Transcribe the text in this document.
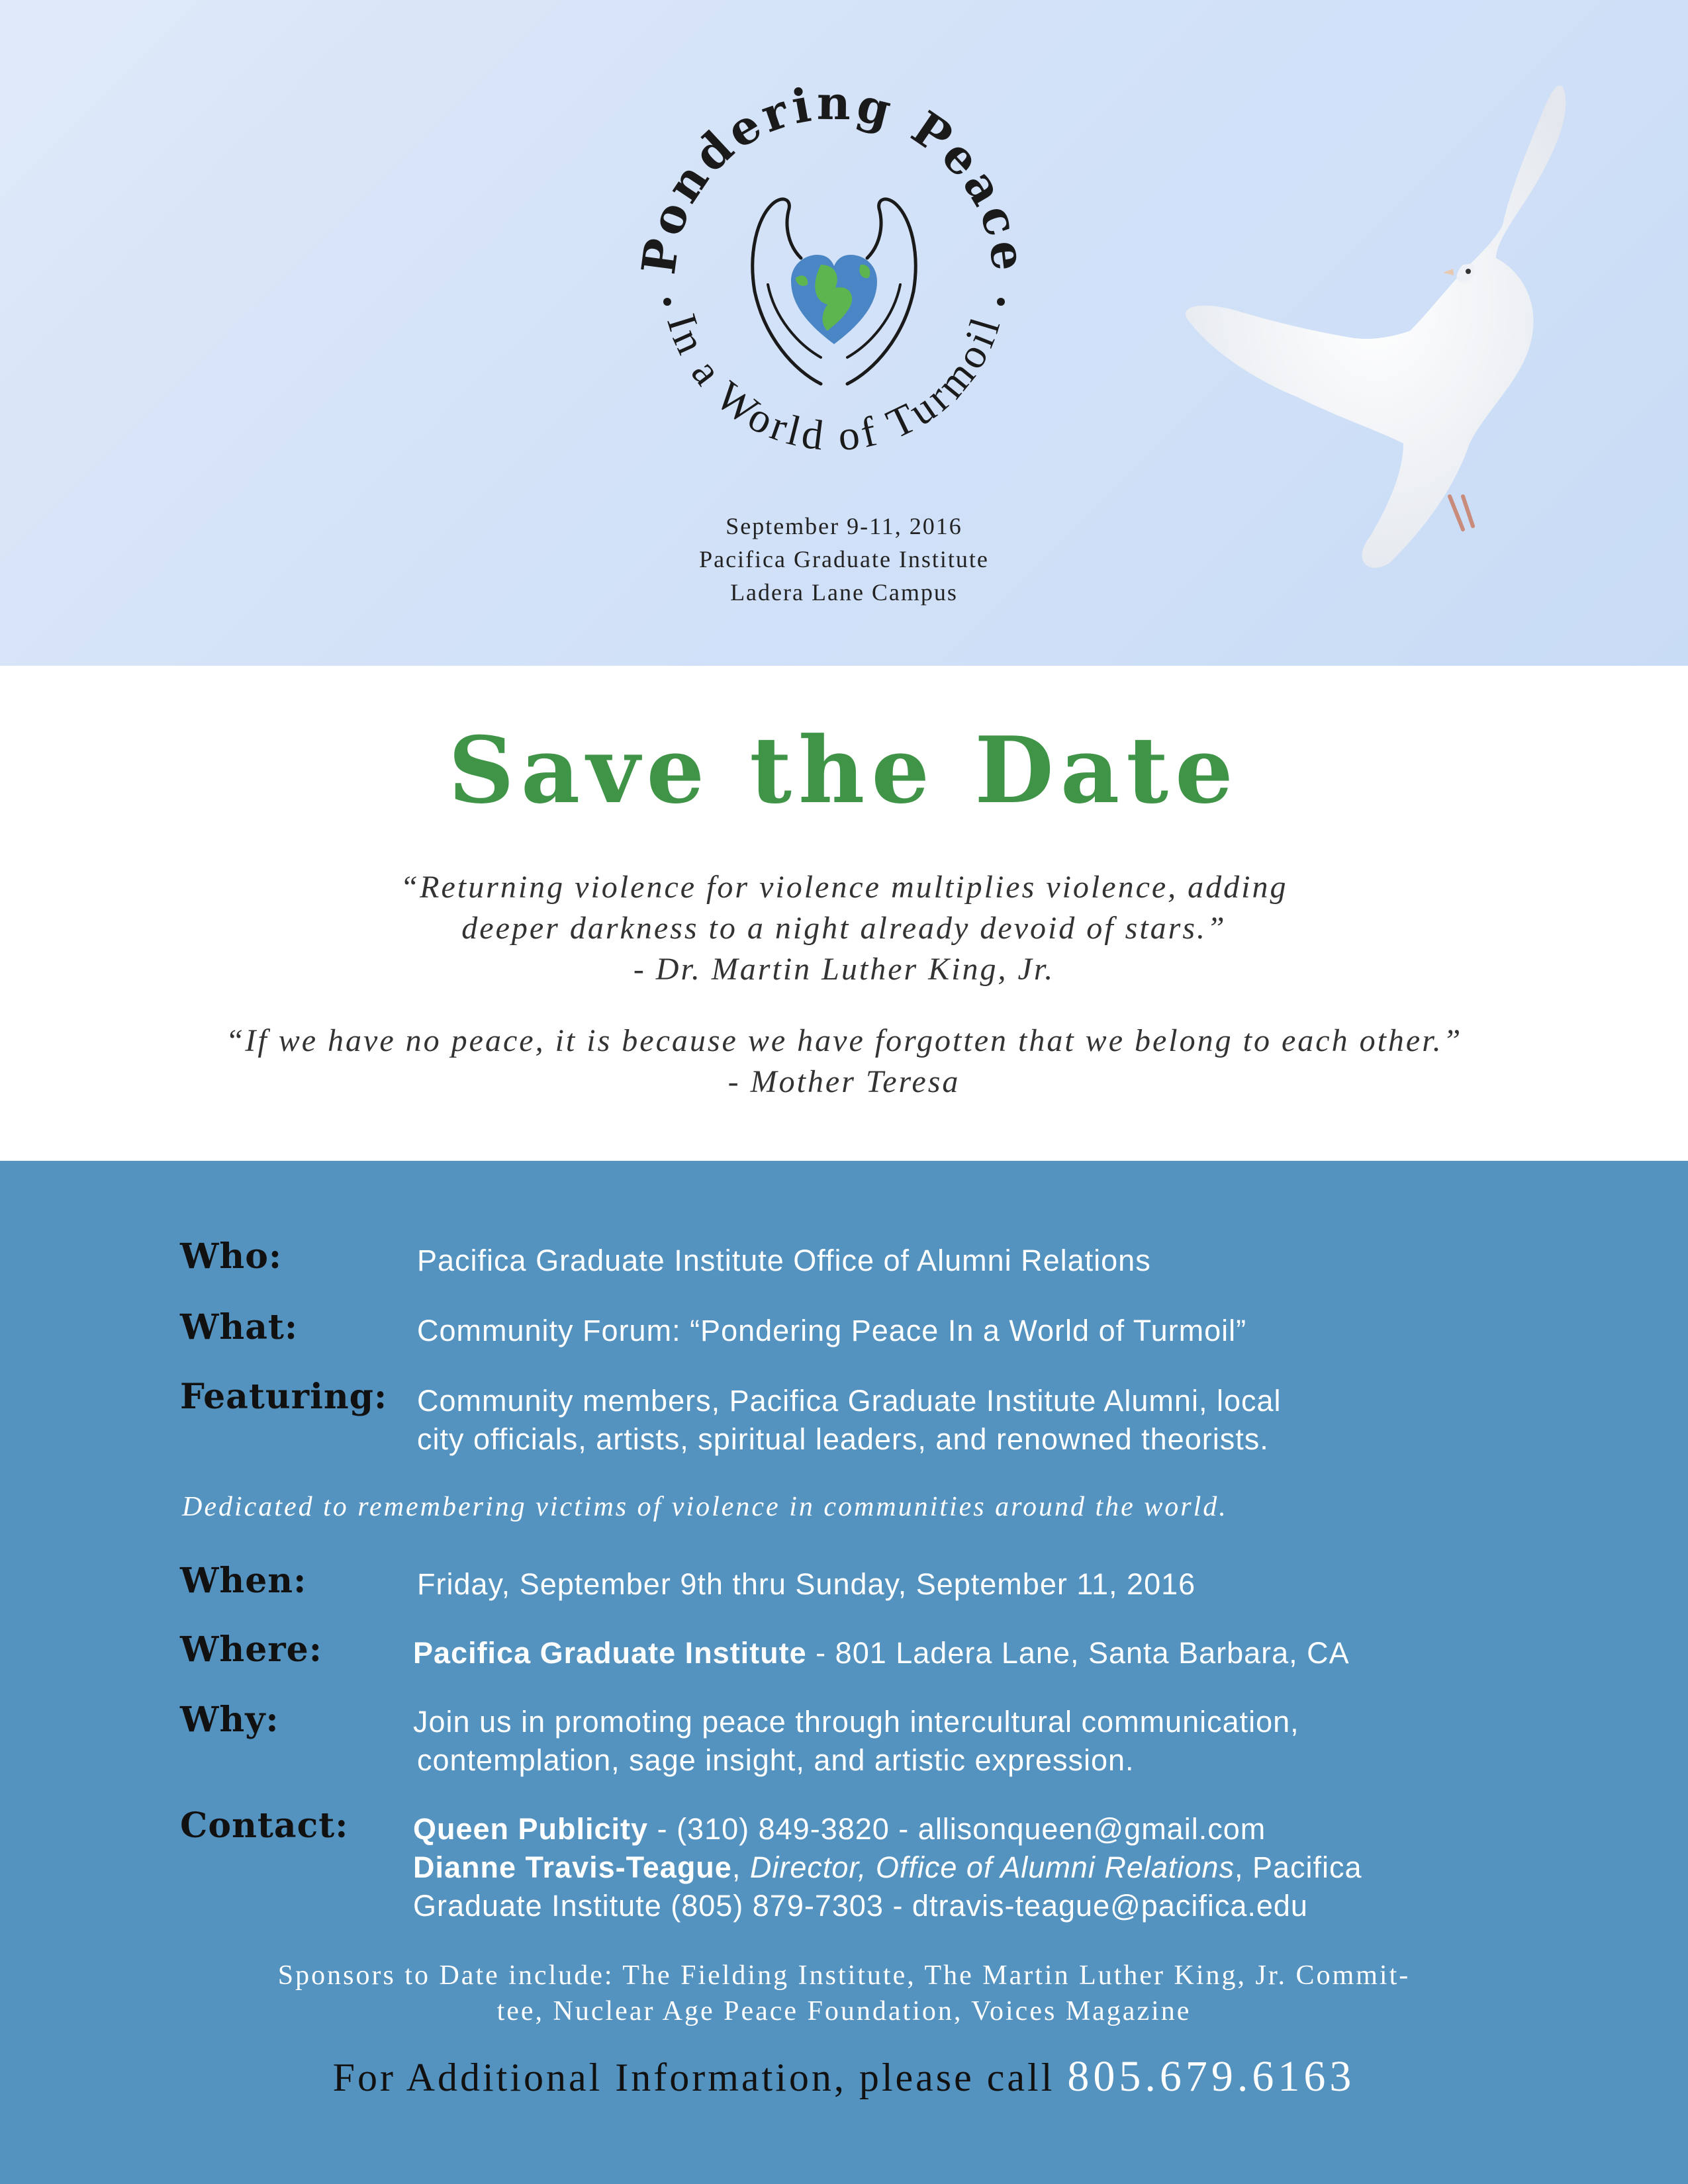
Pondering Peace
In a World of Turmoil
September 9-11, 2016
Pacifica Graduate Institute
Ladera Lane Campus
Save the Date
“Returning violence for violence multiplies violence, adding
deeper darkness to a night already devoid of stars.”
- Dr. Martin Luther King, Jr.
“If we have no peace, it is because we have forgotten that we belong to each other.”
- Mother Teresa
Who:	Pacifica Graduate Institute Office of Alumni Relations
What:	Community Forum: “Pondering Peace In a World of Turmoil”
Featuring: Community members, Pacifica Graduate Institute Alumni, local
city officials, artists, spiritual leaders, and renowned theorists.
Dedicated to remembering victims of violence in communities around the world.
When:	Friday, September 9th thru Sunday, September 11, 2016
Where:	Pacifica Graduate Institute - 801 Ladera Lane, Santa Barbara, CA
Why:	Join us in promoting peace through intercultural communication,
contemplation, sage insight, and artistic expression.
Contact: Queen Publicity - (310) 849-3820 - allisonqueen@gmail.com
Dianne Travis-Teague, Director, Office of Alumni Relations, Pacifica
Graduate Institute (805) 879-7303 - dtravis-teague@pacifica.edu
Sponsors to Date include: The Fielding Institute, The Martin Luther King, Jr. Commit-
tee, Nuclear Age Peace Foundation, Voices Magazine
For Additional Information, please call 805.679.6163
